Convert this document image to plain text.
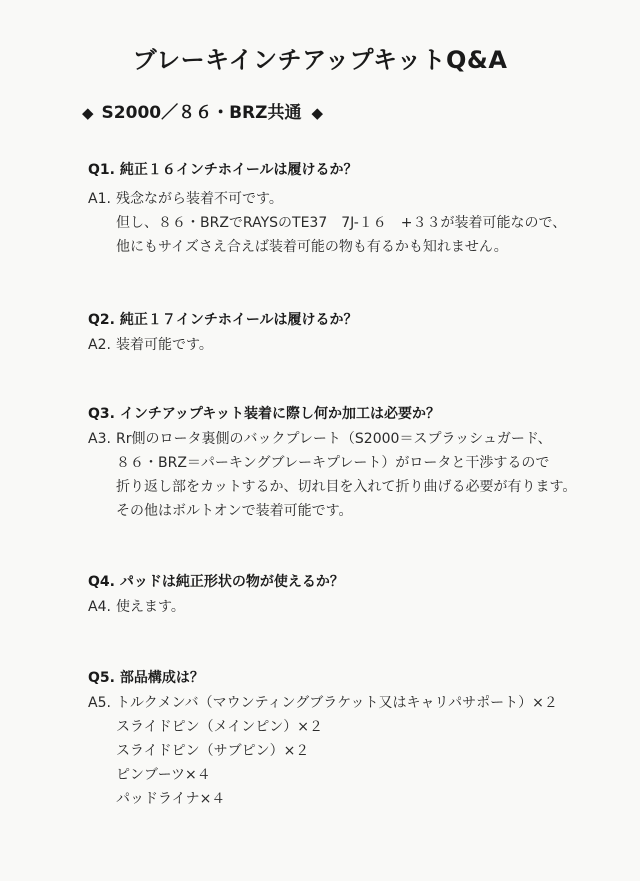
ブレーキインチアップキットQ&A
◆ S2000／８６・BRZ共通 ◆
Q1. 純正１６インチホイールは履けるか？
A1. 残念ながら装着不可です。
但し、８６・BRZでRAYSのTE37　7J-１６　+３３が装着可能なので、
他にもサイズさえ合えば装着可能の物も有るかも知れません。
Q2. 純正１７インチホイールは履けるか？
A2. 装着可能です。
Q3. インチアップキット装着に際し何か加工は必要か？
A3. Rr側のロータ裏側のバックプレート（S2000＝スプラッシュガード、
８６・BRZ＝パーキングブレーキプレート）がロータと干渉するので
折り返し部をカットするか、切れ目を入れて折り曲げる必要が有ります。
その他はボルトオンで装着可能です。
Q4. パッドは純正形状の物が使えるか？
A4. 使えます。
Q5. 部品構成は？
A5. トルクメンバ（マウンティングブラケット又はキャリパサポート）×２
スライドピン（メインピン）×２
スライドピン（サブピン）×２
ピンブーツ×４
パッドライナ×４
